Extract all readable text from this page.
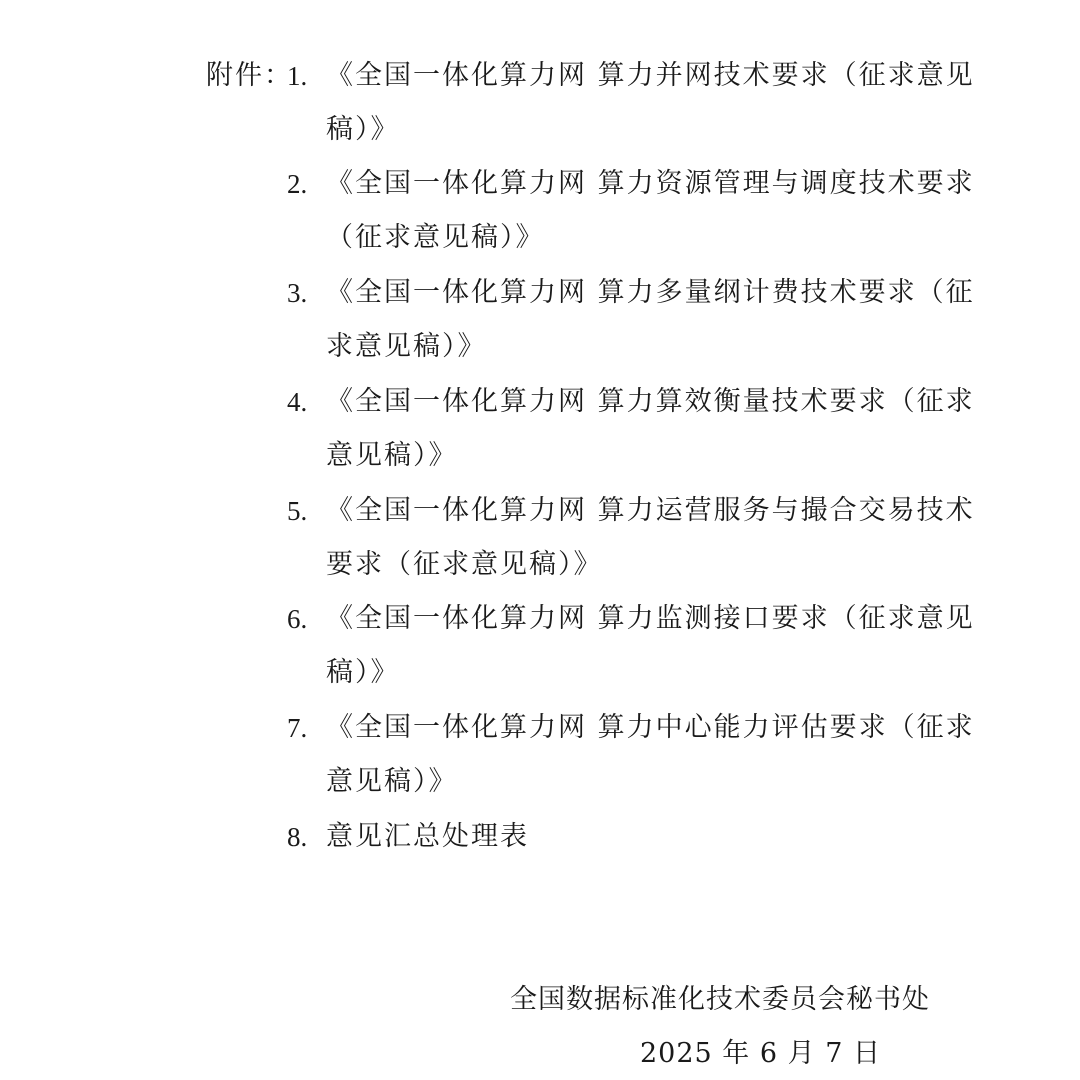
附件：
1. 《全国一体化算力网 算力并网技术要求（征求意见
稿）》
2. 《全国一体化算力网 算力资源管理与调度技术要求
（征求意见稿）》
3. 《全国一体化算力网 算力多量纲计费技术要求（征
求意见稿）》
4. 《全国一体化算力网 算力算效衡量技术要求（征求
意见稿）》
5. 《全国一体化算力网 算力运营服务与撮合交易技术
要求（征求意见稿）》
6. 《全国一体化算力网 算力监测接口要求（征求意见
稿）》
7. 《全国一体化算力网 算力中心能力评估要求（征求
意见稿）》
8. 意见汇总处理表
全国数据标准化技术委员会秘书处
2025 年 6 月 7 日
